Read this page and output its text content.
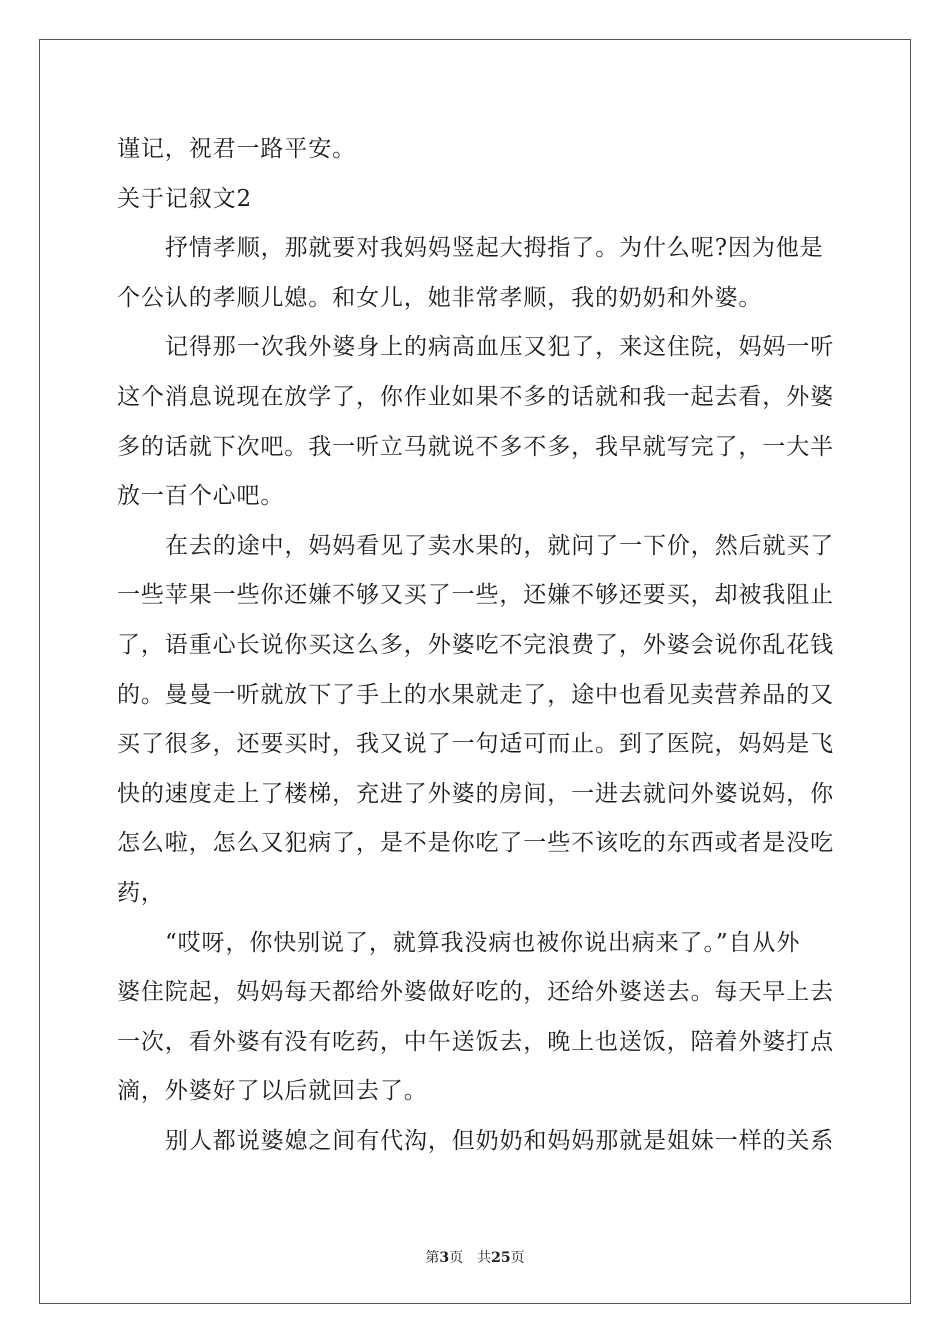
谨记，祝君一路平安。
关于记叙文2
抒情孝顺，那就要对我妈妈竖起大拇指了。为什么呢?因为他是
个公认的孝顺儿媳。和女儿，她非常孝顺，我的奶奶和外婆。
记得那一次我外婆身上的病高血压又犯了，来这住院，妈妈一听
这个消息说现在放学了，你作业如果不多的话就和我一起去看，外婆
多的话就下次吧。我一听立马就说不多不多，我早就写完了，一大半
放一百个心吧。
在去的途中，妈妈看见了卖水果的，就问了一下价，然后就买了
一些苹果一些你还嫌不够又买了一些，还嫌不够还要买，却被我阻止
了，语重心长说你买这么多，外婆吃不完浪费了，外婆会说你乱花钱
的。曼曼一听就放下了手上的水果就走了，途中也看见卖营养品的又
买了很多，还要买时，我又说了一句适可而止。到了医院，妈妈是飞
快的速度走上了楼梯，充进了外婆的房间，一进去就问外婆说妈，你
怎么啦，怎么又犯病了，是不是你吃了一些不该吃的东西或者是没吃
药，
“哎呀，你快别说了，就算我没病也被你说出病来了。”自从外
婆住院起，妈妈每天都给外婆做好吃的，还给外婆送去。每天早上去
一次，看外婆有没有吃药，中午送饭去，晚上也送饭，陪着外婆打点
滴，外婆好了以后就回去了。
别人都说婆媳之间有代沟，但奶奶和妈妈那就是姐妹一样的关系
第3页　共25页
